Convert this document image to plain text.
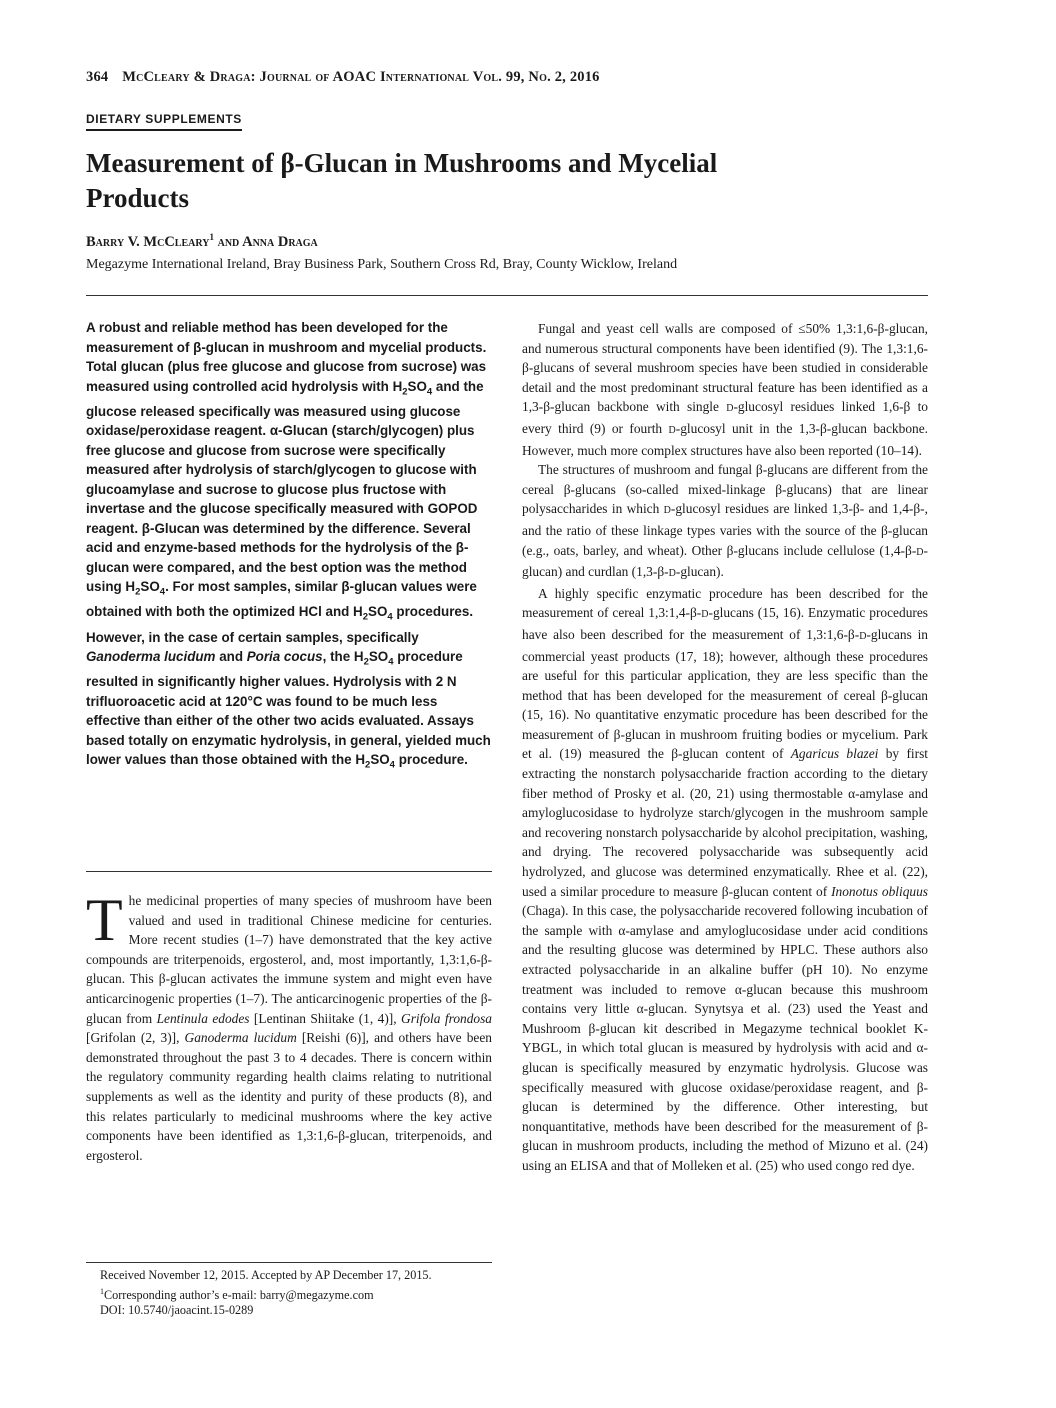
364 McCleary & Draga: Journal of AOAC International Vol. 99, No. 2, 2016
DIETARY SUPPLEMENTS
Measurement of β-Glucan in Mushrooms and Mycelial Products
Barry V. McCleary$^1$ and Anna Draga
Megazyme International Ireland, Bray Business Park, Southern Cross Rd, Bray, County Wicklow, Ireland

A robust and reliable method has been developed for the measurement of β-glucan in mushroom and mycelial products. Total glucan (plus free glucose and glucose from sucrose) was measured using controlled acid hydrolysis with $H_2SO_4$ and the glucose released specifically was measured using glucose oxidase/peroxidase reagent. α-Glucan (starch/glycogen) plus free glucose and glucose from sucrose were specifically measured after hydrolysis of starch/glycogen to glucose with glucoamylase and sucrose to glucose plus fructose with invertase and the glucose specifically measured with GOPOD reagent. β-Glucan was determined by the difference. Several acid and enzyme-based methods for the hydrolysis of the β-glucan were compared, and the best option was the method using $H_2SO_4$. For most samples, similar β-glucan values were obtained with both the optimized HCl and $H_2SO_4$ procedures. However, in the case of certain samples, specifically Ganoderma lucidum and Poria cocus, the $H_2SO_4$ procedure resulted in significantly higher values. Hydrolysis with 2 N trifluoroacetic acid at 120°C was found to be much less effective than either of the other two acids evaluated. Assays based totally on enzymatic hydrolysis, in general, yielded much lower values than those obtained with the $H_2SO_4$ procedure.

The medicinal properties of many species of mushroom have been valued and used in traditional Chinese medicine for centuries. More recent studies (1–7) have demonstrated that the key active compounds are triterpenoids, ergosterol, and, most importantly, 1,3:1,6-β-glucan. This β-glucan activates the immune system and might even have anticarcinogenic properties (1–7). The anticarcinogenic properties of the β-glucan from Lentinula edodes [Lentinan Shiitake (1, 4)], Grifola frondosa [Grifolan (2, 3)], Ganoderma lucidum [Reishi (6)], and others have been demonstrated throughout the past 3 to 4 decades. There is concern within the regulatory community regarding health claims relating to nutritional supplements as well as the identity and purity of these products (8), and this relates particularly to medicinal mushrooms where the key active components have been identified as 1,3:1,6-β-glucan, triterpenoids, and ergosterol.

Fungal and yeast cell walls are composed of ≤50% 1,3:1,6-β-glucan, and numerous structural components have been identified (9). The 1,3:1,6-β-glucans of several mushroom species have been studied in considerable detail and the most predominant structural feature has been identified as a 1,3-β-glucan backbone with single D-glucosyl residues linked 1,6-β to every third (9) or fourth D-glucosyl unit in the 1,3-β-glucan backbone. However, much more complex structures have also been reported (10–14).

The structures of mushroom and fungal β-glucans are different from the cereal β-glucans (so-called mixed-linkage β-glucans) that are linear polysaccharides in which D-glucosyl residues are linked 1,3-β- and 1,4-β-, and the ratio of these linkage types varies with the source of the β-glucan (e.g., oats, barley, and wheat). Other β-glucans include cellulose (1,4-β-D-glucan) and curdlan (1,3-β-D-glucan).

A highly specific enzymatic procedure has been described for the measurement of cereal 1,3:1,4-β-D-glucans (15, 16). Enzymatic procedures have also been described for the measurement of 1,3:1,6-β-D-glucans in commercial yeast products (17, 18); however, although these procedures are useful for this particular application, they are less specific than the method that has been developed for the measurement of cereal β-glucan (15, 16). No quantitative enzymatic procedure has been described for the measurement of β-glucan in mushroom fruiting bodies or mycelium. Park et al. (19) measured the β-glucan content of Agaricus blazei by first extracting the nonstarch polysaccharide fraction according to the dietary fiber method of Prosky et al. (20, 21) using thermostable α-amylase and amyloglucosidase to hydrolyze starch/glycogen in the mushroom sample and recovering nonstarch polysaccharide by alcohol precipitation, washing, and drying. The recovered polysaccharide was subsequently acid hydrolyzed, and glucose was determined enzymatically. Rhee et al. (22), used a similar procedure to measure β-glucan content of Inonotus obliquus (Chaga). In this case, the polysaccharide recovered following incubation of the sample with α-amylase and amyloglucosidase under acid conditions and the resulting glucose was determined by HPLC. These authors also extracted polysaccharide in an alkaline buffer (pH 10). No enzyme treatment was included to remove α-glucan because this mushroom contains very little α-glucan. Synytsya et al. (23) used the Yeast and Mushroom β-glucan kit described in Megazyme technical booklet K-YBGL, in which total glucan is measured by hydrolysis with acid and α-glucan is specifically measured by enzymatic hydrolysis. Glucose was specifically measured with glucose oxidase/peroxidase reagent, and β-glucan is determined by the difference. Other interesting, but nonquantitative, methods have been described for the measurement of β-glucan in mushroom products, including the method of Mizuno et al. (24) using an ELISA and that of Molleken et al. (25) who used congo red dye.

Received November 12, 2015. Accepted by AP December 17, 2015.
$^1$Corresponding author’s e-mail: barry@megazyme.com
DOI: 10.5740/jaoacint.15-0289
